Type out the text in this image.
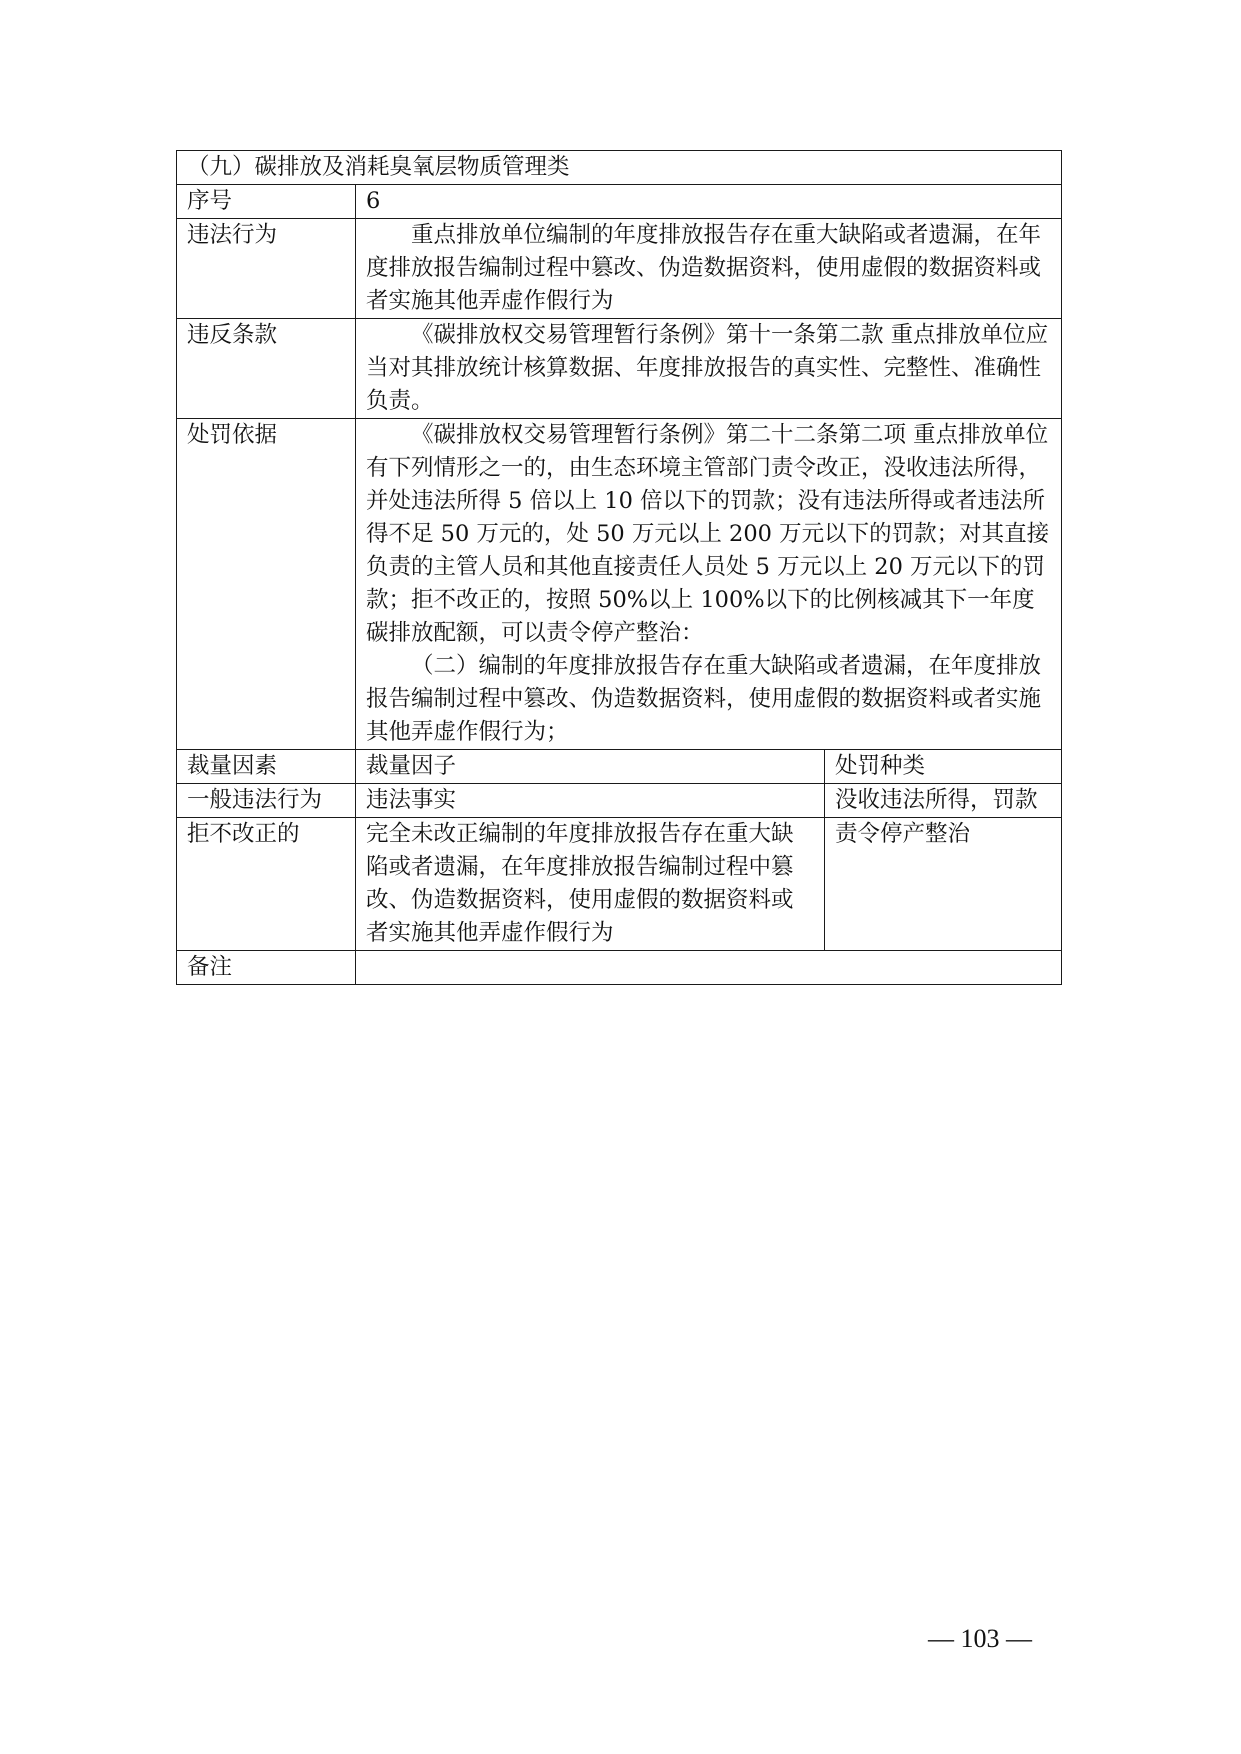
（九）碳排放及消耗臭氧层物质管理类		
序号	6	
违法行为	重点排放单位编制的年度排放报告存在重大缺陷或者遗漏，在年度排放报告编制过程中篡改、伪造数据资料，使用虚假的数据资料或者实施其他弄虚作假行为	
违反条款	《碳排放权交易管理暂行条例》第十一条第二款 重点排放单位应当对其排放统计核算数据、年度排放报告的真实性、完整性、准确性负责。	
处罚依据	《碳排放权交易管理暂行条例》第二十二条第二项 重点排放单位有下列情形之一的，由生态环境主管部门责令改正，没收违法所得，并处违法所得 5 倍以上 10 倍以下的罚款；没有违法所得或者违法所得不足 50 万元的，处 50 万元以上 200 万元以下的罚款；对其直接负责的主管人员和其他直接责任人员处 5 万元以上 20 万元以下的罚款；拒不改正的，按照 50%以上 100%以下的比例核减其下一年度碳排放配额，可以责令停产整治：
（二）编制的年度排放报告存在重大缺陷或者遗漏，在年度排放报告编制过程中篡改、伪造数据资料，使用虚假的数据资料或者实施其他弄虚作假行为；	

裁量因素	裁量因子	处罚种类
一般违法行为	违法事实	没收违法所得，罚款
拒不改正的	完全未改正编制的年度排放报告存在重大缺陷或者遗漏，在年度排放报告编制过程中篡改、伪造数据资料，使用虚假的数据资料或者实施其他弄虚作假行为	责令停产整治
备注		
— 103 —
